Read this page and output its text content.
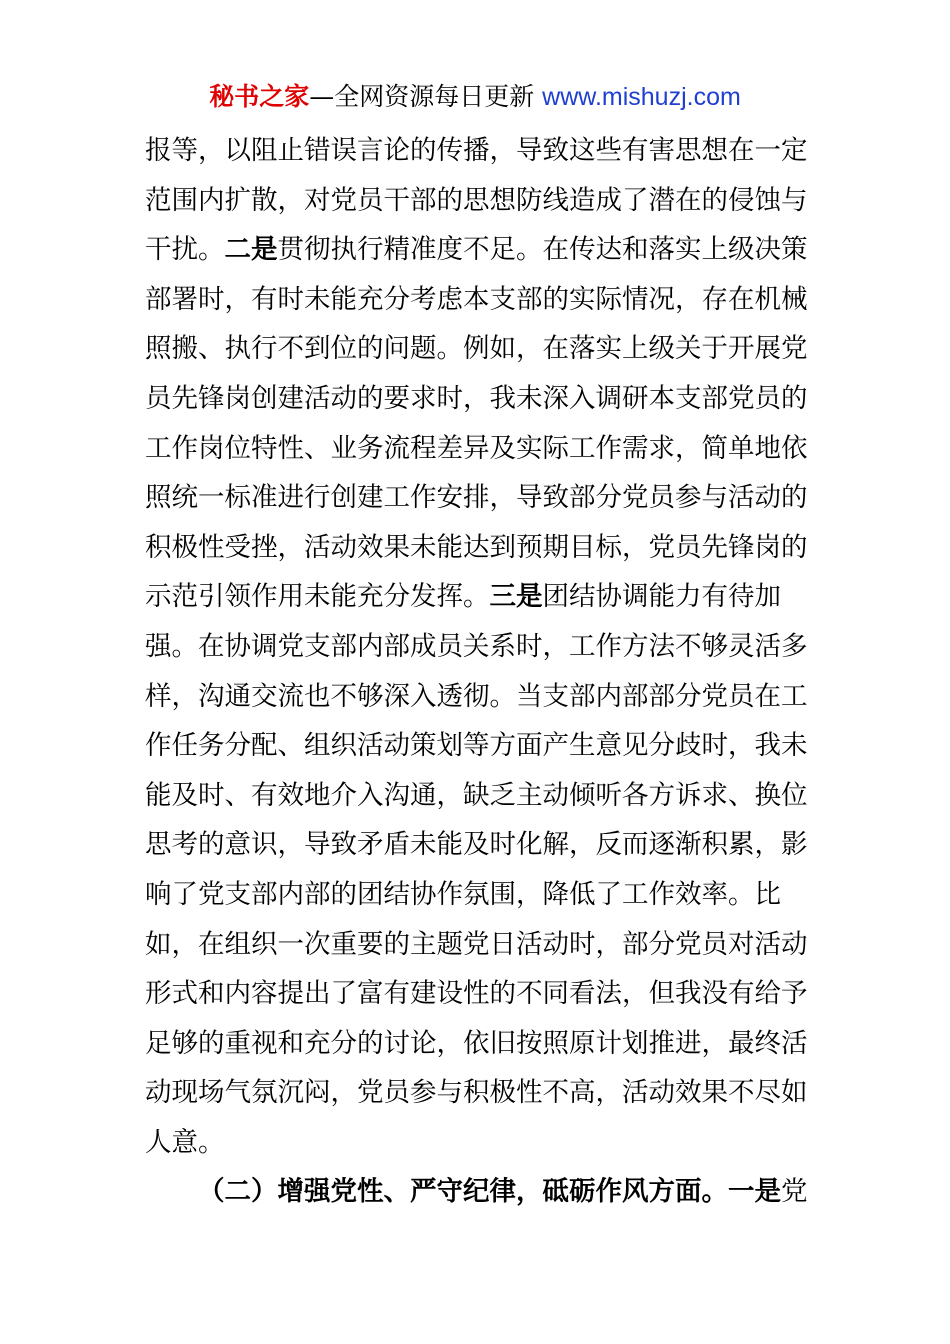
秘书之家—全网资源每日更新 www.mishuzj.com
报等，以阻止错误言论的传播，导致这些有害思想在一定
范围内扩散，对党员干部的思想防线造成了潜在的侵蚀与
干扰。二是贯彻执行精准度不足。在传达和落实上级决策
部署时，有时未能充分考虑本支部的实际情况，存在机械
照搬、执行不到位的问题。例如，在落实上级关于开展党
员先锋岗创建活动的要求时，我未深入调研本支部党员的
工作岗位特性、业务流程差异及实际工作需求，简单地依
照统一标准进行创建工作安排，导致部分党员参与活动的
积极性受挫，活动效果未能达到预期目标，党员先锋岗的
示范引领作用未能充分发挥。三是团结协调能力有待加
强。在协调党支部内部成员关系时，工作方法不够灵活多
样，沟通交流也不够深入透彻。当支部内部部分党员在工
作任务分配、组织活动策划等方面产生意见分歧时，我未
能及时、有效地介入沟通，缺乏主动倾听各方诉求、换位
思考的意识，导致矛盾未能及时化解，反而逐渐积累，影
响了党支部内部的团结协作氛围，降低了工作效率。比
如，在组织一次重要的主题党日活动时，部分党员对活动
形式和内容提出了富有建设性的不同看法，但我没有给予
足够的重视和充分的讨论，依旧按照原计划推进，最终活
动现场气氛沉闷，党员参与积极性不高，活动效果不尽如
人意。
（二）增强党性、严守纪律，砥砺作风方面。一是党
